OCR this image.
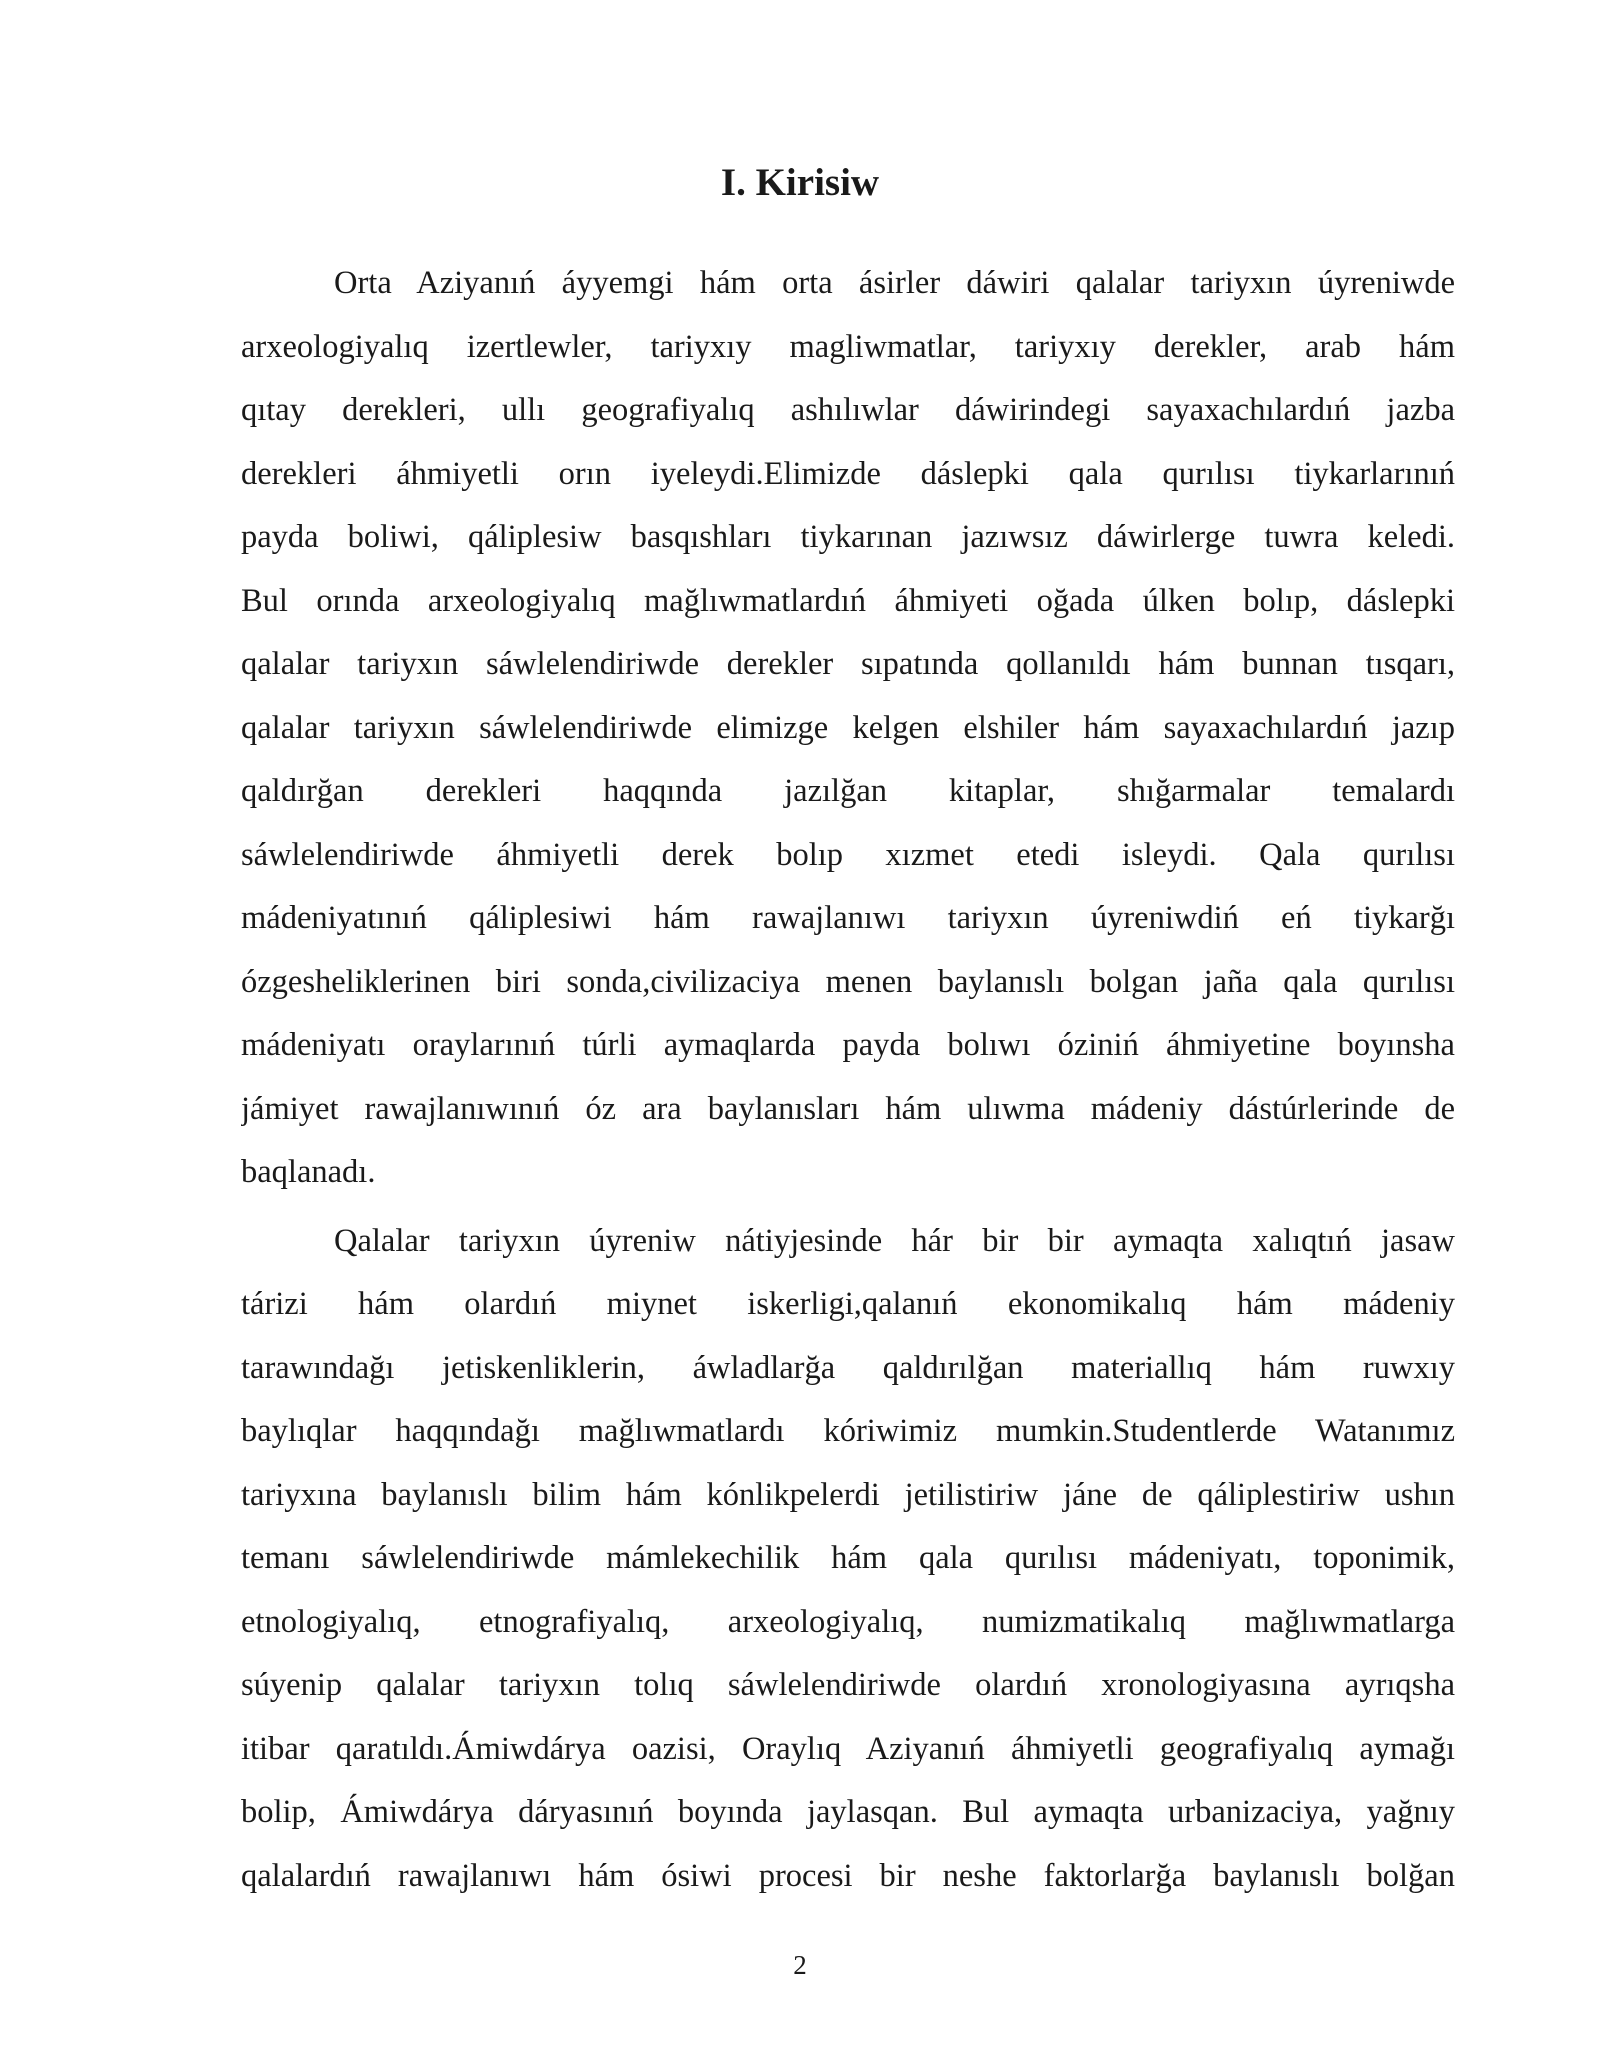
I. Kirisiw
Orta Aziyanıń áyyemgi hám orta ásirler dáwiri qalalar tariyxın úyreniwde
arxeologiyalıq izertlewler, tariyxıy magliwmatlar, tariyxıy derekler, arab hám
qıtay derekleri, ullı geografiyalıq ashılıwlar dáwirindegi sayaxachılardıń jazba
derekleri áhmiyetli orın iyeleydi.Elimizde dáslepki qala qurılısı tiykarlarınıń
payda boliwi, qáliplesiw basqıshları tiykarınan jazıwsız dáwirlerge tuwra keledi.
Bul orında arxeologiyalıq mağlıwmatlardıń áhmiyeti oğada úlken bolıp, dáslepki
qalalar tariyxın sáwlelendiriwde derekler sıpatında qollanıldı hám bunnan tısqarı,
qalalar tariyxın sáwlelendiriwde elimizge kelgen elshiler hám sayaxachılardıń jazıp
qaldırğan derekleri haqqında jazılğan kitaplar, shığarmalar temalardı
sáwlelendiriwde áhmiyetli derek bolıp xızmet etedi isleydi. Qala qurılısı
mádeniyatınıń qáliplesiwi hám rawajlanıwı tariyxın úyreniwdiń eń tiykarğı
ózgesheliklerinen biri sonda,civilizaciya menen baylanıslı bolgan jaña qala qurılısı
mádeniyatı oraylarınıń túrli aymaqlarda payda bolıwı óziniń áhmiyetine boyınsha
jámiyet rawajlanıwınıń óz ara baylanısları hám ulıwma mádeniy dástúrlerinde de
baqlanadı.
Qalalar tariyxın úyreniw nátiyjesinde hár bir bir aymaqta xalıqtıń jasaw
tárizi hám olardıń miynet iskerligi,qalanıń ekonomikalıq hám mádeniy
tarawındağı jetiskenliklerin, áwladlarğa qaldırılğan materiallıq hám ruwxıy
baylıqlar haqqındağı mağlıwmatlardı kóriwimiz mumkin.Studentlerde Watanımız
tariyxına baylanıslı bilim hám kónlikpelerdi jetilistiriw jáne de qáliplestiriw ushın
temanı sáwlelendiriwde mámlekechilik hám qala qurılısı mádeniyatı, toponimik,
etnologiyalıq, etnografiyalıq, arxeologiyalıq, numizmatikalıq mağlıwmatlarga
súyenip qalalar tariyxın tolıq sáwlelendiriwde olardıń xronologiyasına ayrıqsha
itibar qaratıldı.Ámiwdárya oazisi, Oraylıq Aziyanıń áhmiyetli geografiyalıq aymağı
bolip, Ámiwdárya dáryasınıń boyında jaylasqan. Bul aymaqta urbanizaciya, yağnıy
qalalardıń rawajlanıwı hám ósiwi procesi bir neshe faktorlarğa baylanıslı bolğan
2
